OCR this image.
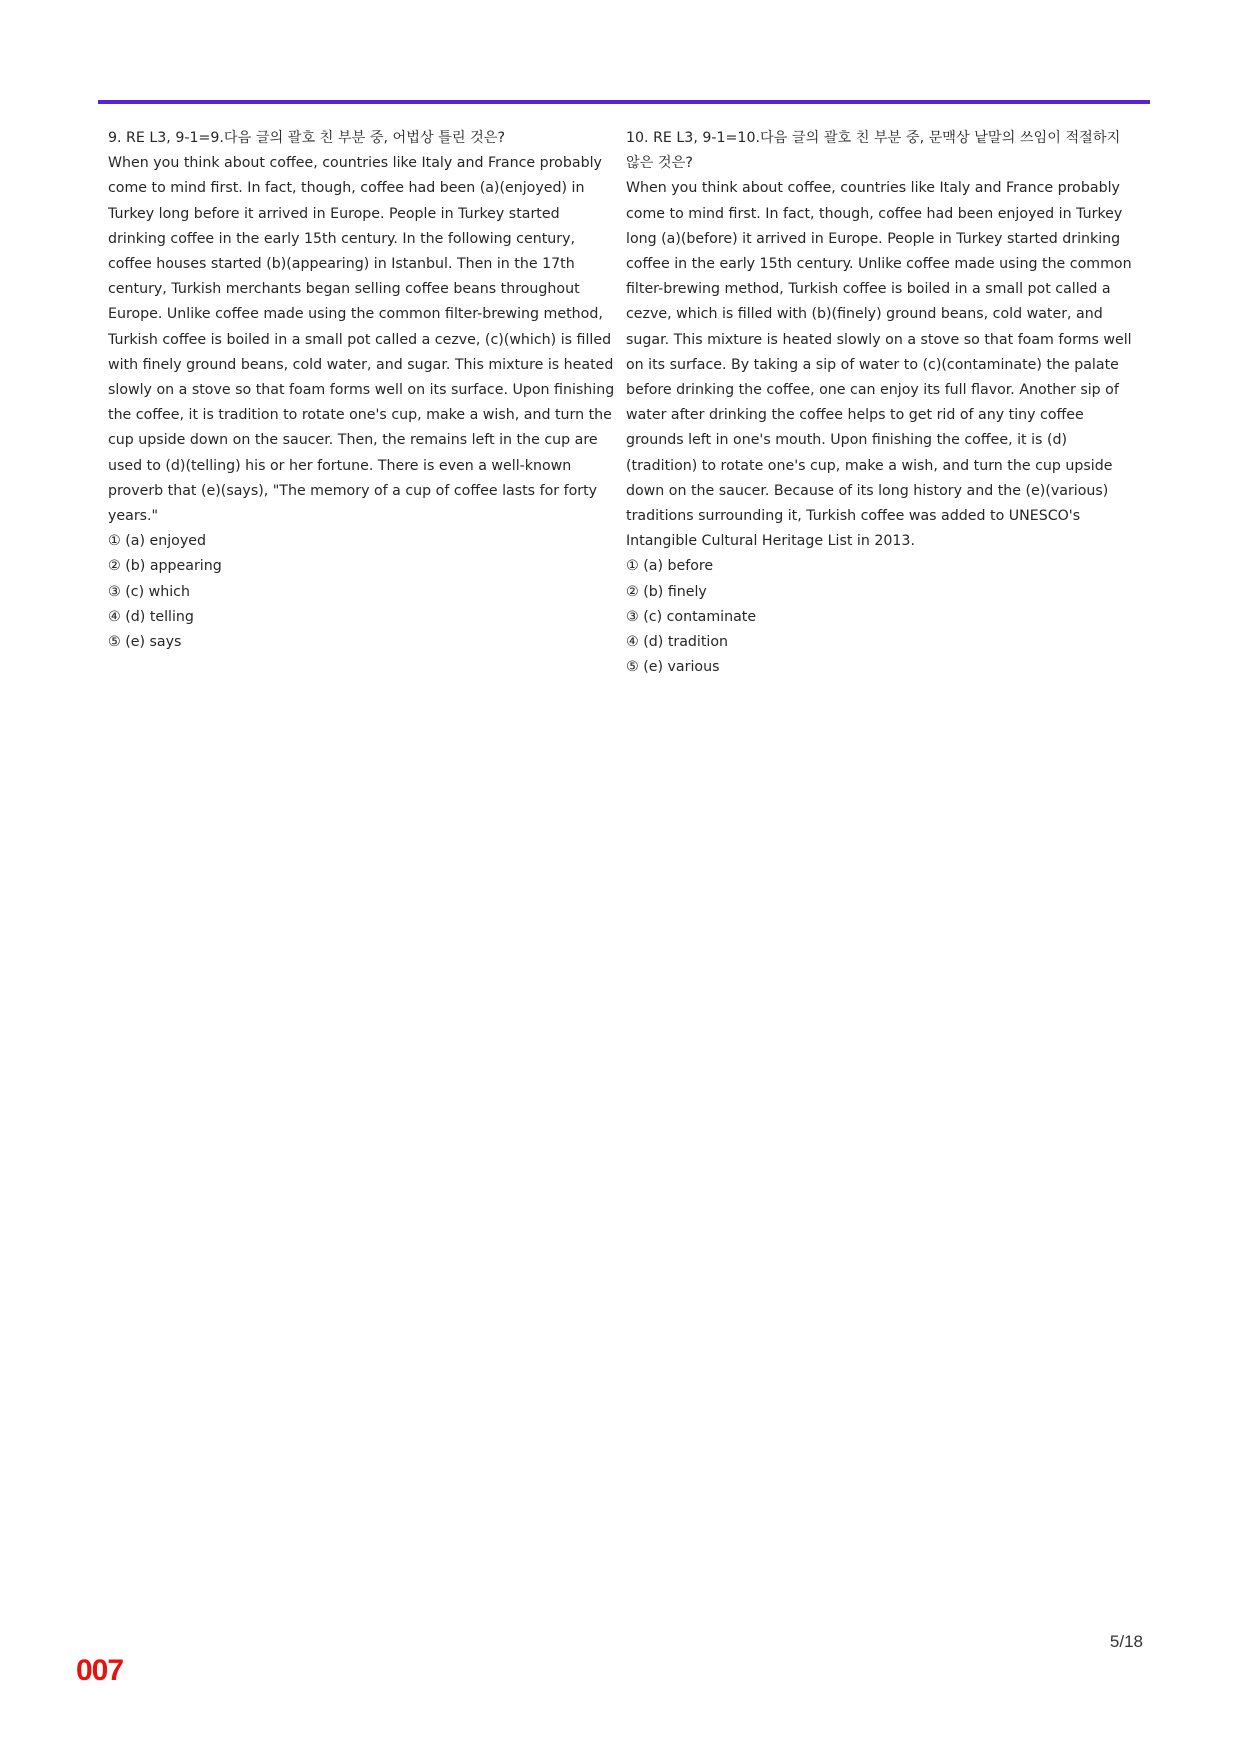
9. RE L3, 9-1=9.다음 글의 괄호 친 부분 중, 어법상 틀린 것은?

When you think about coffee, countries like Italy and France probably come to mind first. In fact, though, coffee had been (a)(enjoyed) in Turkey long before it arrived in Europe. People in Turkey started drinking coffee in the early 15th century. In the following century, coffee houses started (b)(appearing) in Istanbul. Then in the 17th century, Turkish merchants began selling coffee beans throughout Europe. Unlike coffee made using the common filter-brewing method, Turkish coffee is boiled in a small pot called a cezve, (c)(which) is filled with finely ground beans, cold water, and sugar. This mixture is heated slowly on a stove so that foam forms well on its surface. Upon finishing the coffee, it is tradition to rotate one's cup, make a wish, and turn the cup upside down on the saucer. Then, the remains left in the cup are used to (d)(telling) his or her fortune. There is even a well-known proverb that (e)(says), "The memory of a cup of coffee lasts for forty years."

① (a) enjoyed
② (b) appearing
③ (c) which
④ (d) telling
⑤ (e) says

10. RE L3, 9-1=10.다음 글의 괄호 친 부분 중, 문맥상 낱말의 쓰임이 적절하지 않은 것은?

When you think about coffee, countries like Italy and France probably come to mind first. In fact, though, coffee had been enjoyed in Turkey long (a)(before) it arrived in Europe. People in Turkey started drinking coffee in the early 15th century. Unlike coffee made using the common filter-brewing method, Turkish coffee is boiled in a small pot called a cezve, which is filled with (b)(finely) ground beans, cold water, and sugar. This mixture is heated slowly on a stove so that foam forms well on its surface. By taking a sip of water to (c)(contaminate) the palate before drinking the coffee, one can enjoy its full flavor. Another sip of water after drinking the coffee helps to get rid of any tiny coffee grounds left in one's mouth. Upon finishing the coffee, it is (d)(tradition) to rotate one's cup, make a wish, and turn the cup upside down on the saucer. Because of its long history and the (e)(various) traditions surrounding it, Turkish coffee was added to UNESCO's Intangible Cultural Heritage List in 2013.

① (a) before
② (b) finely
③ (c) contaminate
④ (d) tradition
⑤ (e) various
5/18
007
